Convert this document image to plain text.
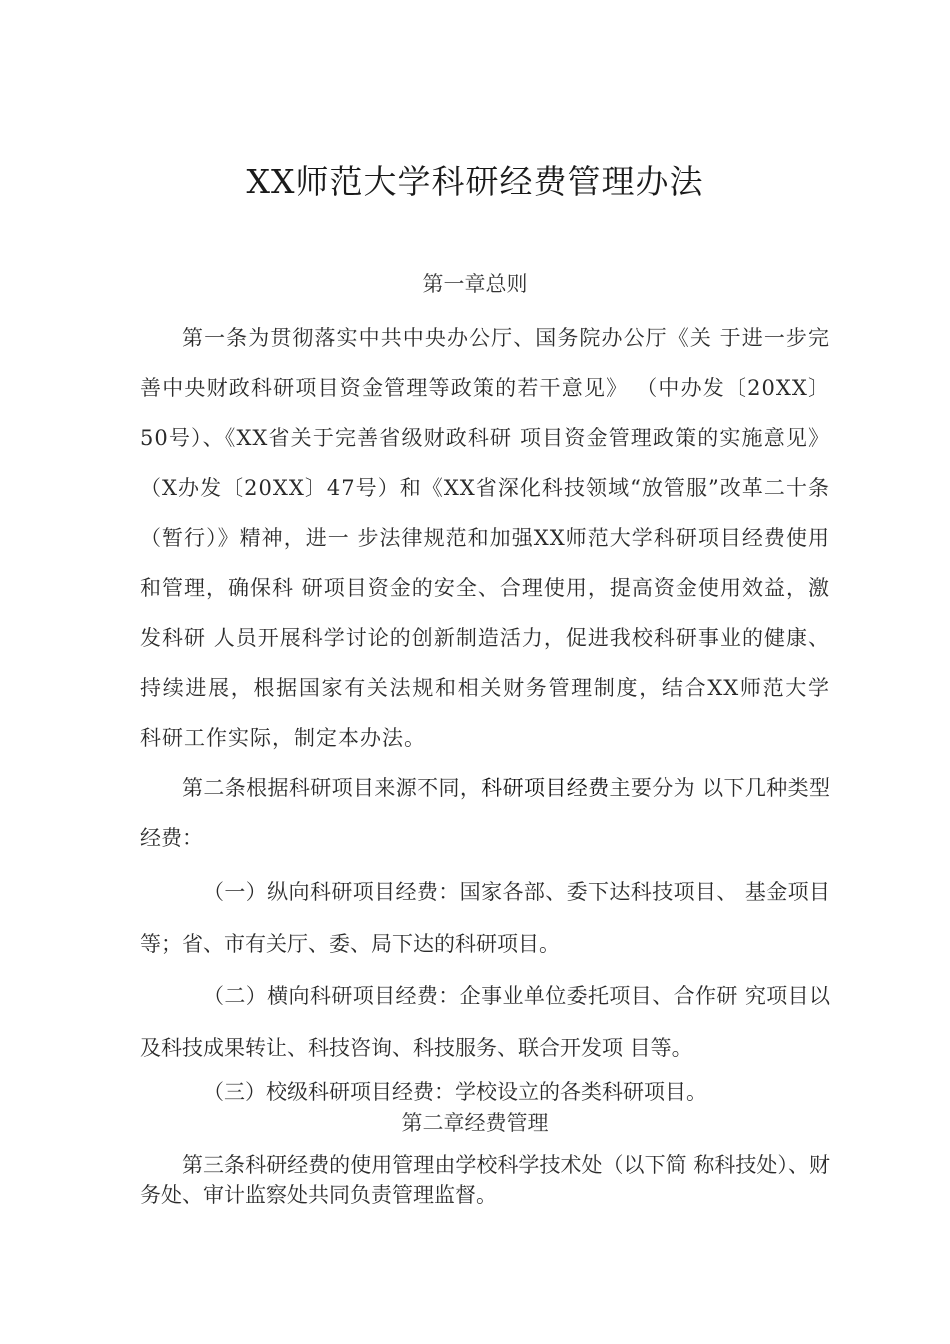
XX师范大学科研经费管理办法
第一章总则

第一条为贯彻落实中共中央办公厅、国务院办公厅《关 于进一步完善中央财政科研项目资金管理等政策的若干意见》 （中办发〔20XX〕50号）、《XX省关于完善省级财政科研 项目资金管理政策的实施意见》（X办发〔20XX〕47号）和《XX省深化科技领域“放管服”改革二十条（暂行）》精神，进一 步法律规范和加强XX师范大学科研项目经费使用和管理，确保科 研项目资金的安全、合理使用，提高资金使用效益，激发科研 人员开展科学讨论的创新制造活力，促进我校科研事业的健康、 持续进展，根据国家有关法规和相关财务管理制度，结合XX师范大学科研工作实际，制定本办法。

第二条根据科研项目来源不同，科研项目经费主要分为 以下几种类型经费：

（一）纵向科研项目经费：国家各部、委下达科技项目、 基金项目等；省、市有关厅、委、局下达的科研项目。

（二）横向科研项目经费：企事业单位委托项目、合作研 究项目以及科技成果转让、科技咨询、科技服务、联合开发项 目等。

（三）校级科研项目经费：学校设立的各类科研项目。

第二章经费管理

第三条科研经费的使用管理由学校科学技术处（以下简 称科技处）、财务处、审计监察处共同负责管理监督。
